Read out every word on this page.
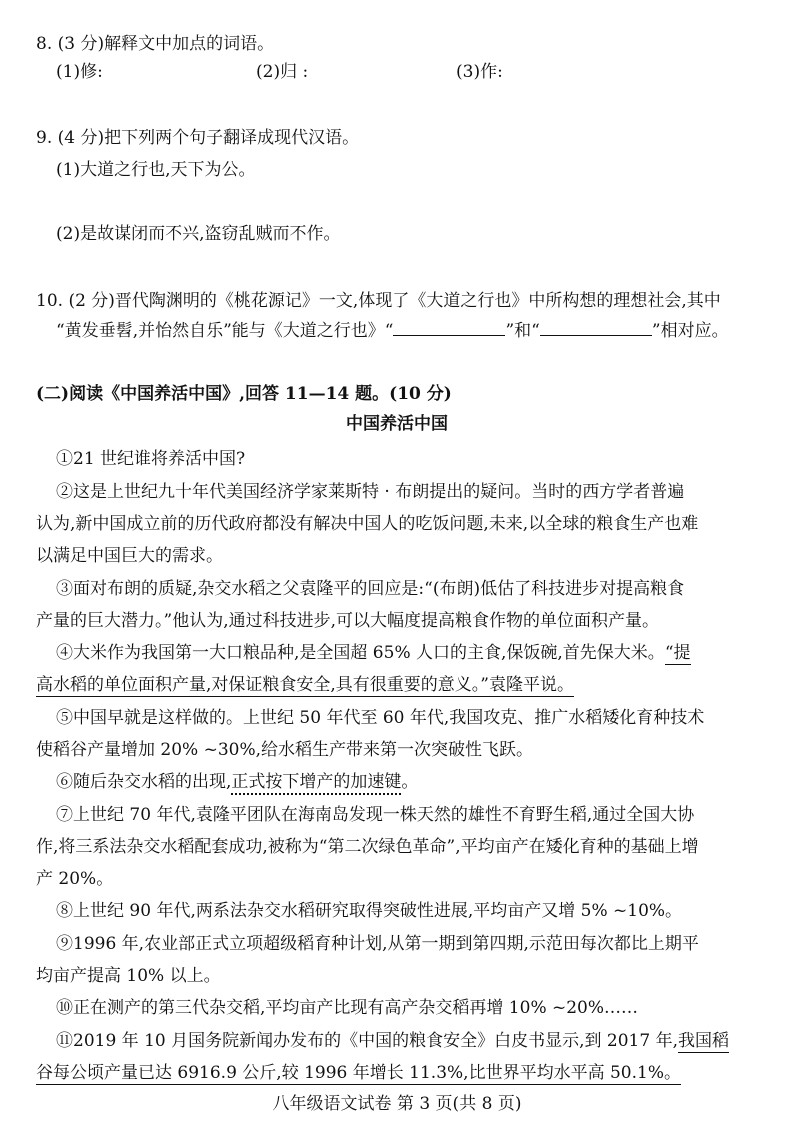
8. (3 分)解释文中加点的词语。
(1)修:	(2)归 :	(3)作:
9. (4 分)把下列两个句子翻译成现代汉语。
(1)大道之行也,天下为公。
(2)是故谋闭而不兴,盗窃乱贼而不作。
10. (2 分)晋代陶渊明的《桃花源记》一文,体现了《大道之行也》中所构想的理想社会,其中
“黄发垂髫,并怡然自乐”能与《大道之行也》“	”和“	”相对应。
(二)阅读《中国养活中国》,回答 11—14 题。(10 分)
中国养活中国
①21 世纪谁将养活中国?
②这是上世纪九十年代美国经济学家莱斯特 · 布朗提出的疑问。当时的西方学者普遍
认为,新中国成立前的历代政府都没有解决中国人的吃饭问题,未来,以全球的粮食生产也难
以满足中国巨大的需求。
③面对布朗的质疑,杂交水稻之父袁隆平的回应是:“(布朗)低估了科技进步对提高粮食
产量的巨大潜力。”他认为,通过科技进步,可以大幅度提高粮食作物的单位面积产量。
④大米作为我国第一大口粮品种,是全国超 65% 人口的主食,保饭碗,首先保大米。“提
高水稻的单位面积产量,对保证粮食安全,具有很重要的意义。”袁隆平说。
⑤中国早就是这样做的。上世纪 50 年代至 60 年代,我国攻克、推广水稻矮化育种技术
使稻谷产量增加 20% ~30%,给水稻生产带来第一次突破性飞跃。
⑥随后杂交水稻的出现,正式按下增产的加速键。
⑦上世纪 70 年代,袁隆平团队在海南岛发现一株天然的雄性不育野生稻,通过全国大协
作,将三系法杂交水稻配套成功,被称为“第二次绿色革命”,平均亩产在矮化育种的基础上增
产 20%。
⑧上世纪 90 年代,两系法杂交水稻研究取得突破性进展,平均亩产又增 5% ~10%。
⑨1996 年,农业部正式立项超级稻育种计划,从第一期到第四期,示范田每次都比上期平
均亩产提高 10% 以上。
⑩正在测产的第三代杂交稻,平均亩产比现有高产杂交稻再增 10% ~20%……
⑪2019 年 10 月国务院新闻办发布的《中国的粮食安全》白皮书显示,到 2017 年,我国稻
谷每公顷产量已达 6916.9 公斤,较 1996 年增长 11.3%,比世界平均水平高 50.1%。
八年级语文试卷 第 3 页(共 8 页)
